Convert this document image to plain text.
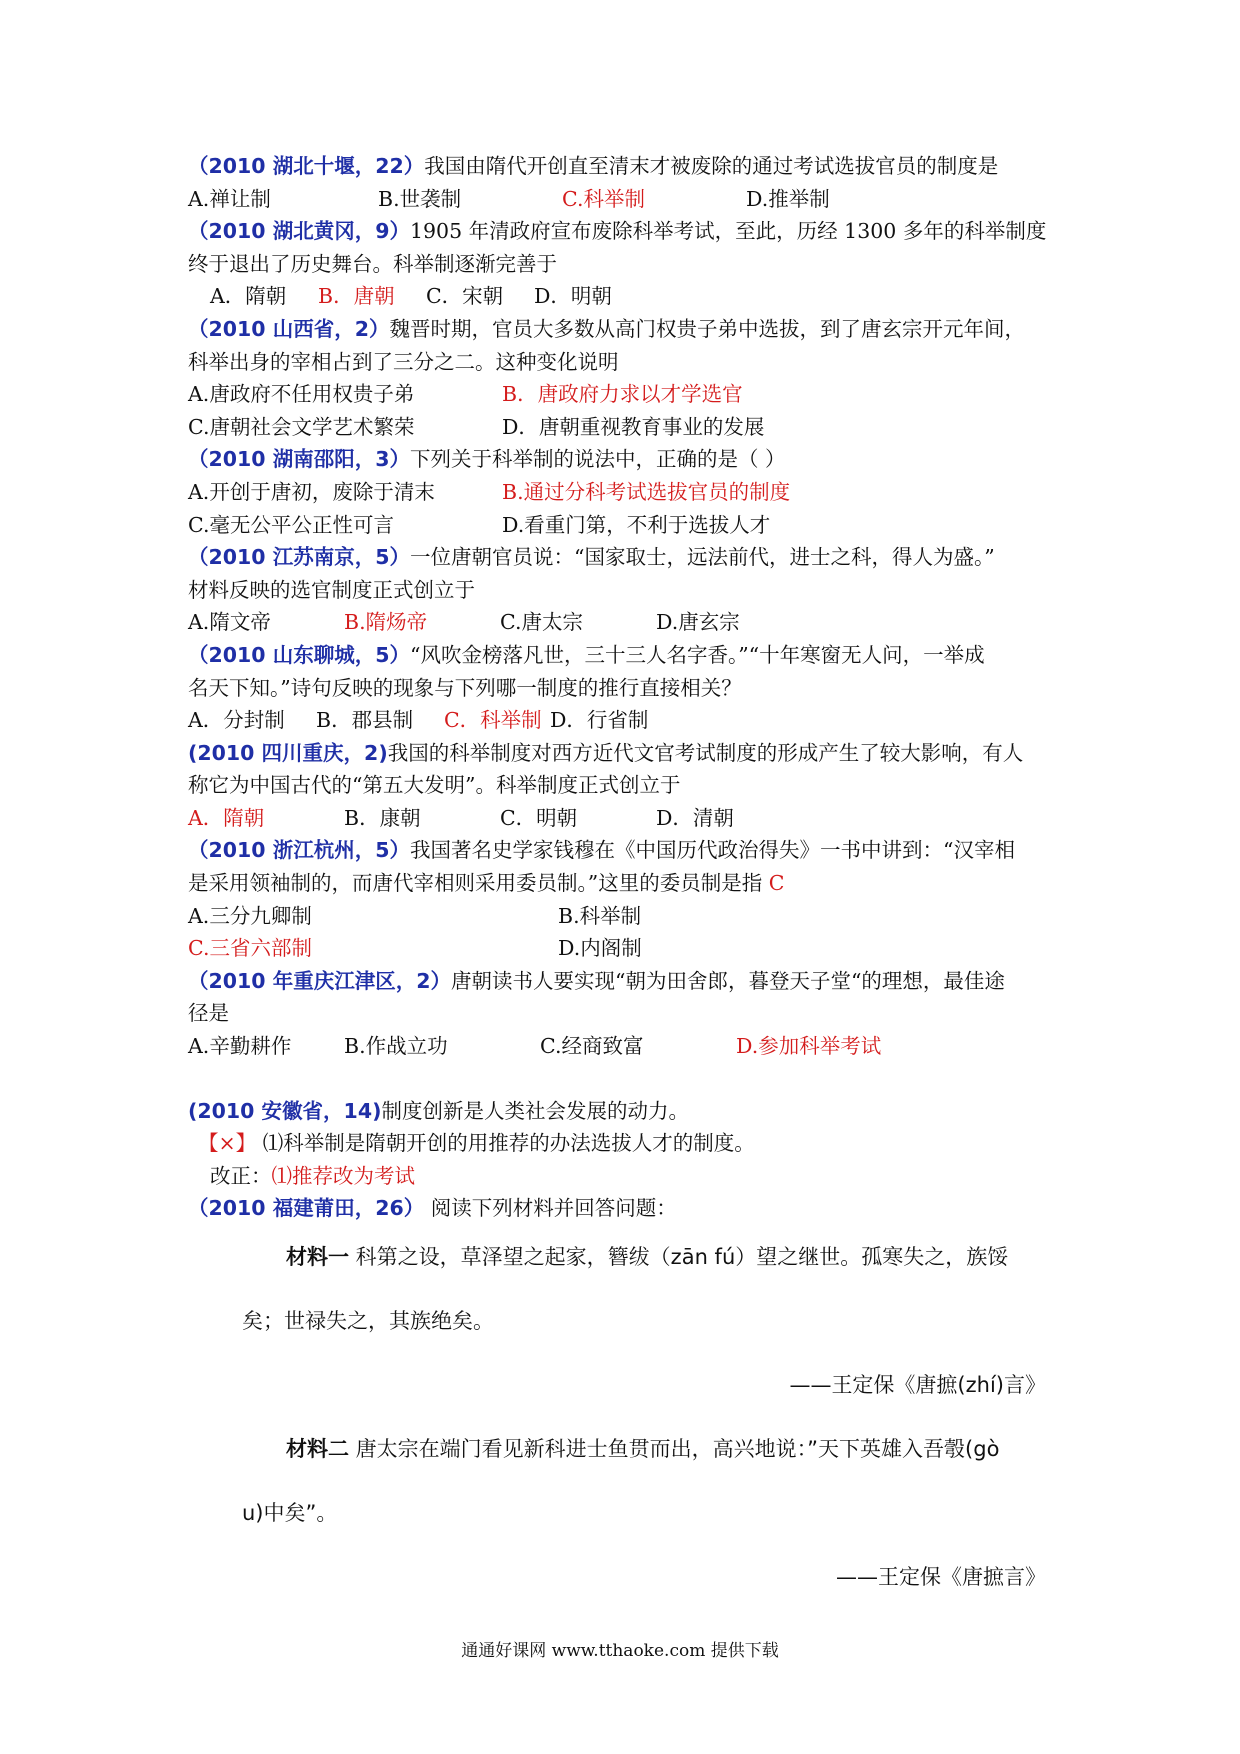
（2010 湖北十堰，22）我国由隋代开创直至清末才被废除的通过考试选拔官员的制度是
A.禅让制	B.世袭制	C.科举制	D.推举制
（2010 湖北黄冈，9）1905 年清政府宣布废除科举考试，至此，历经 1300 多年的科举制度
终于退出了历史舞台。科举制逐渐完善于
A．隋朝 B．唐朝 C．宋朝 D．明朝
（2010 山西省，2）魏晋时期，官员大多数从高门权贵子弟中选拔，到了唐玄宗开元年间，
科举出身的宰相占到了三分之二。这种变化说明
A.唐政府不任用权贵子弟	B．唐政府力求以才学选官
C.唐朝社会文学艺术繁荣	D．唐朝重视教育事业的发展
（2010 湖南邵阳，3）下列关于科举制的说法中，正确的是（ ）
A.开创于唐初，废除于清末	B.通过分科考试选拔官员的制度
C.毫无公平公正性可言	D.看重门第，不利于选拔人才
（2010 江苏南京，5）一位唐朝官员说：“国家取士，远法前代，进士之科，得人为盛。”
材料反映的选官制度正式创立于
A.隋文帝	B.隋炀帝	C.唐太宗	D.唐玄宗
（2010 山东聊城，5）“风吹金榜落凡世，三十三人名字香。”“十年寒窗无人问，一举成
名天下知。”诗句反映的现象与下列哪一制度的推行直接相关？
A．分封制 B．郡县制 C．科举制 D．行省制
(2010 四川重庆，2)我国的科举制度对西方近代文官考试制度的形成产生了较大影响，有人
称它为中国古代的“第五大发明”。科举制度正式创立于
A．隋朝	B．康朝	C．明朝	D．清朝
（2010 浙江杭州，5）我国著名史学家钱穆在《中国历代政治得失》一书中讲到：“汉宰相
是采用领袖制的，而唐代宰相则采用委员制。”这里的委员制是指 C
A.三分九卿制	B.科举制
C.三省六部制	D.内阁制
（2010 年重庆江津区，2）唐朝读书人要实现“朝为田舍郎，暮登天子堂“的理想，最佳途
径是
A.辛勤耕作	B.作战立功	C.经商致富	D.参加科举考试
(2010 安徽省，14)制度创新是人类社会发展的动力。
【×】 ⑴科举制是隋朝开创的用推荐的办法选拔人才的制度。
改正：⑴推荐改为考试
（2010 福建莆田，26） 阅读下列材料并回答问题：
材料一 科第之设，草泽望之起家，簪绂（zān fú）望之继世。孤寒失之，族馁
矣；世禄失之，其族绝矣。
——王定保《唐摭(zhí)言》
材料二 唐太宗在端门看见新科进士鱼贯而出，高兴地说：”天下英雄入吾彀(gò
u)中矣”。
——王定保《唐摭言》
通通好课网 www.tthaoke.com 提供下载
